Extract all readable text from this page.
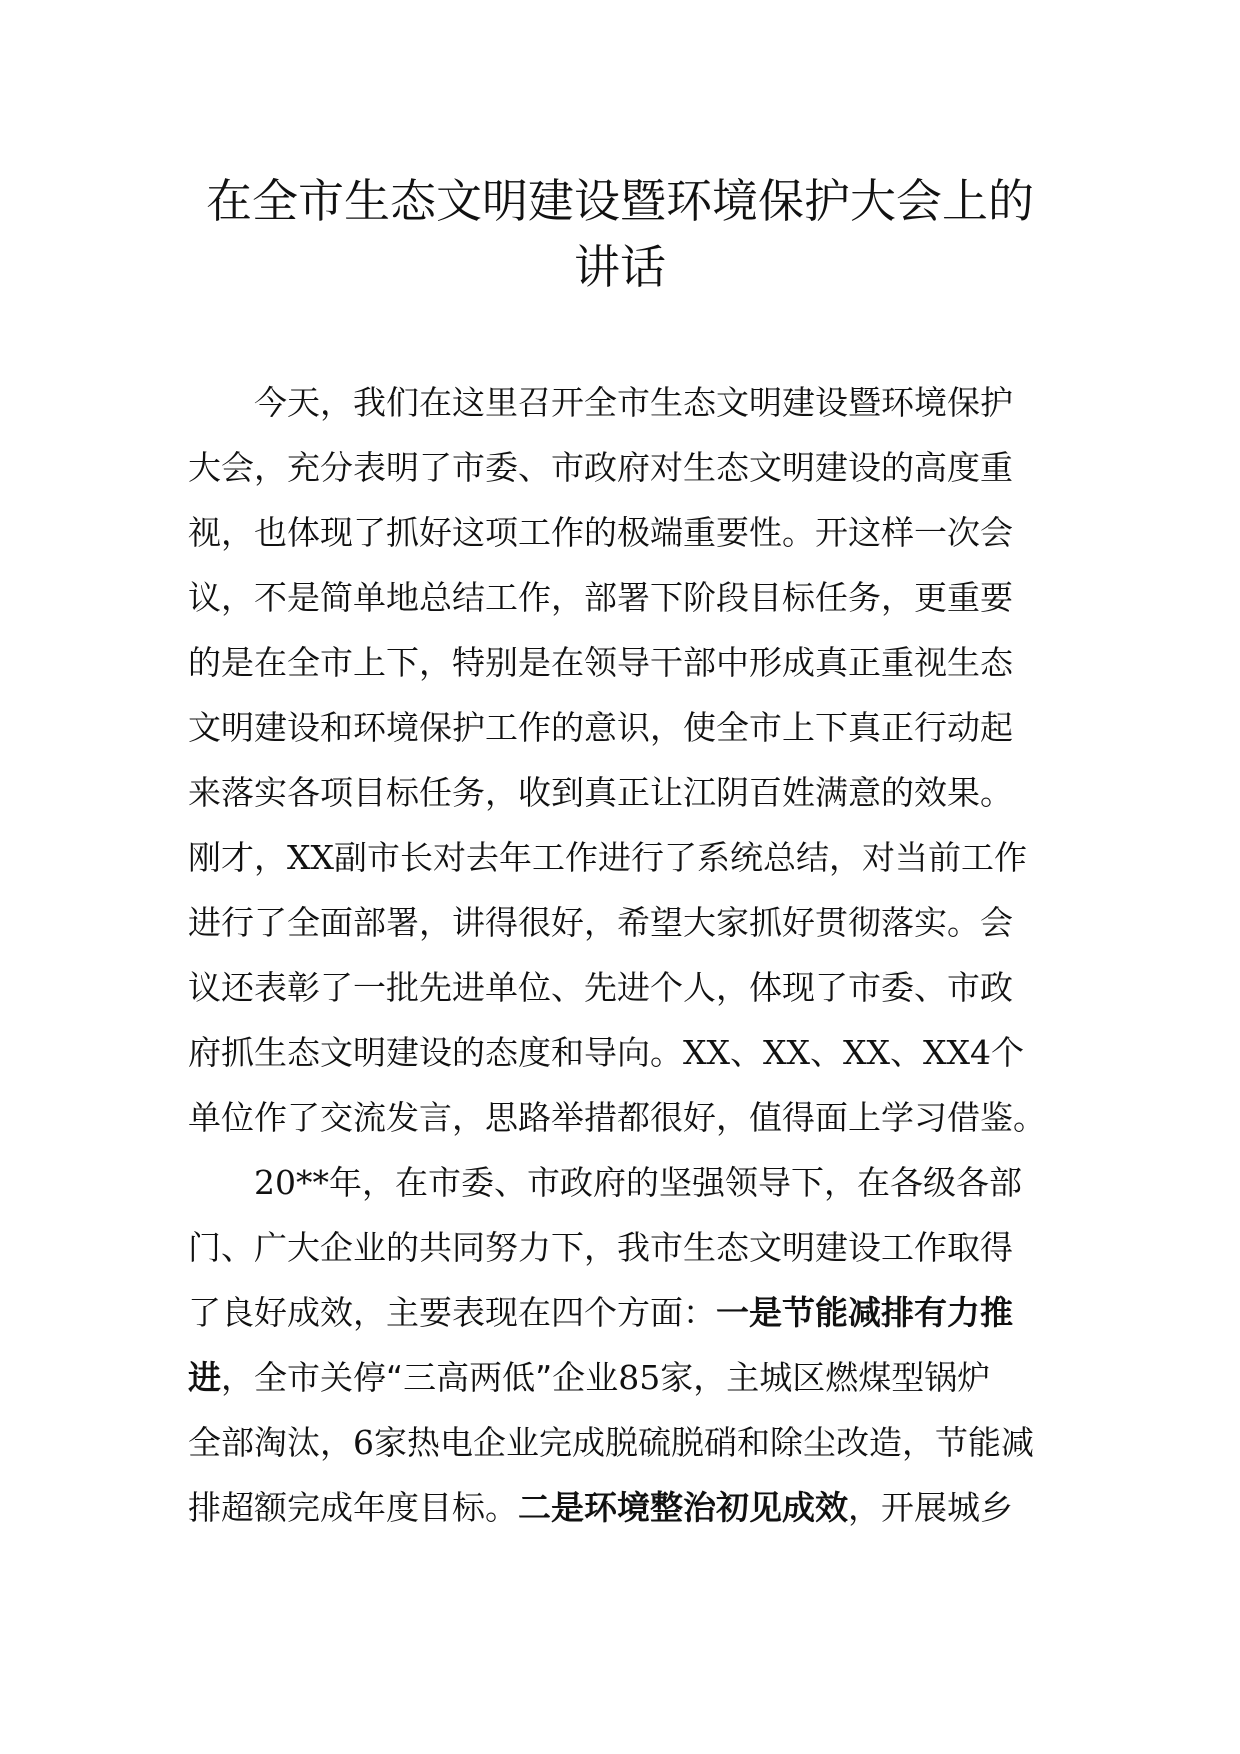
在全市生态文明建设暨环境保护大会上的
讲话
今天，我们在这里召开全市生态文明建设暨环境保护
大会，充分表明了市委、市政府对生态文明建设的高度重
视，也体现了抓好这项工作的极端重要性。开这样一次会
议，不是简单地总结工作，部署下阶段目标任务，更重要
的是在全市上下，特别是在领导干部中形成真正重视生态
文明建设和环境保护工作的意识，使全市上下真正行动起
来落实各项目标任务，收到真正让江阴百姓满意的效果。
刚才，XX副市长对去年工作进行了系统总结，对当前工作
进行了全面部署，讲得很好，希望大家抓好贯彻落实。会
议还表彰了一批先进单位、先进个人，体现了市委、市政
府抓生态文明建设的态度和导向。XX、XX、XX、XX4个
单位作了交流发言，思路举措都很好，值得面上学习借鉴。
20**年，在市委、市政府的坚强领导下，在各级各部
门、广大企业的共同努力下，我市生态文明建设工作取得
了良好成效，主要表现在四个方面：一是节能减排有力推
进，全市关停“三高两低”企业85家，主城区燃煤型锅炉
全部淘汰，6家热电企业完成脱硫脱硝和除尘改造，节能减
排超额完成年度目标。二是环境整治初见成效，开展城乡
